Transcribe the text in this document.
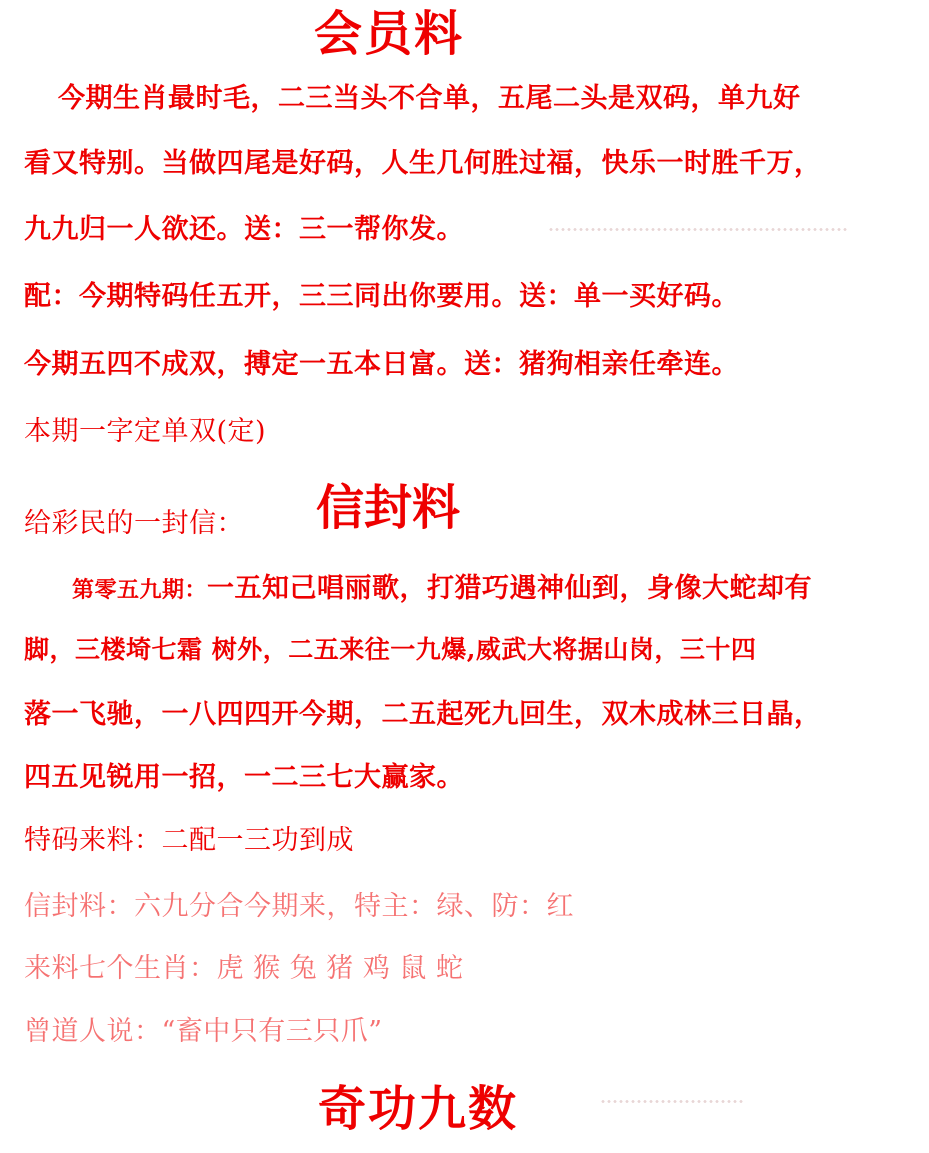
会员料
今期生肖最时毛，二三当头不合单，五尾二头是双码，单九好
看又特别。当做四尾是好码，人生几何胜过福，快乐一时胜千万，
九九归一人欲还。送：三一帮你发。
配：今期特码任五开，三三同出你要用。送：单一买好码。
今期五四不成双，搏定一五本日富。送：猪狗相亲任牵连。
本期一字定单双(定)
给彩民的一封信： 信封料
第零五九期：一五知己唱丽歌，打猎巧遇神仙到，身像大蛇却有
脚，三楼埼七霜 树外，二五来往一九爆,威武大将据山岗，三十四
落一飞驰，一八四四开今期，二五起死九回生，双木成林三日晶，
四五见锐用一招，一二三七大赢家。
特码来料：二配一三功到成
信封料：六九分合今期来，特主：绿、防：红
来料七个生肖：虎 猴 兔 猪 鸡 鼠 蛇
曾道人说：“畜中只有三只爪”
奇功九数
